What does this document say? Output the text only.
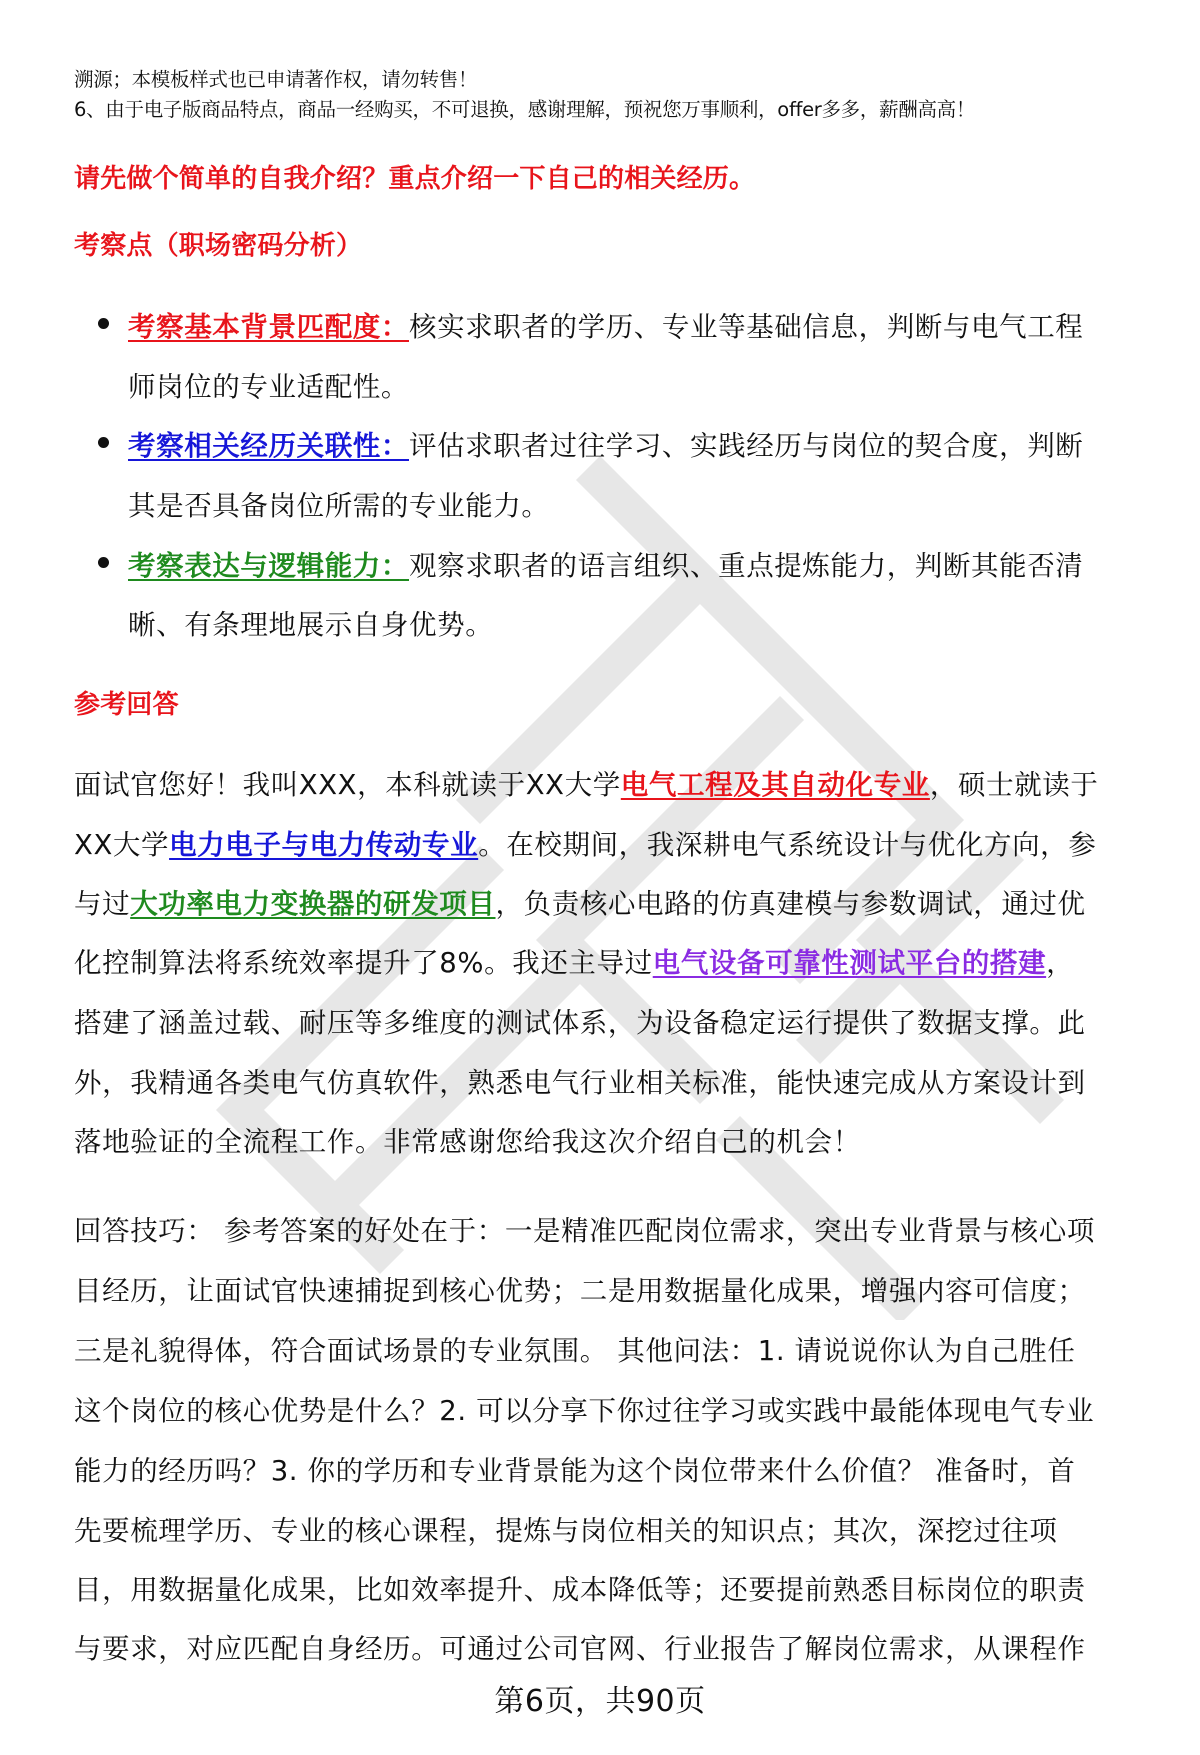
溯源；本模板样式也已申请著作权，请勿转售！
6、由于电子版商品特点，商品一经购买，不可退换，感谢理解，预祝您万事顺利，offer多多，薪酬高高！
请先做个简单的自我介绍？重点介绍一下自己的相关经历。
考察点（职场密码分析）
考察基本背景匹配度：核实求职者的学历、专业等基础信息，判断与电气工程
师岗位的专业适配性。
考察相关经历关联性：评估求职者过往学习、实践经历与岗位的契合度，判断
其是否具备岗位所需的专业能力。
考察表达与逻辑能力：观察求职者的语言组织、重点提炼能力，判断其能否清
晰、有条理地展示自身优势。
参考回答
面试官您好！我叫XXX，本科就读于XX大学电气工程及其自动化专业，硕士就读于
XX大学电力电子与电力传动专业。在校期间，我深耕电气系统设计与优化方向，参
与过大功率电力变换器的研发项目，负责核心电路的仿真建模与参数调试，通过优
化控制算法将系统效率提升了8%。我还主导过电气设备可靠性测试平台的搭建，
搭建了涵盖过载、耐压等多维度的测试体系，为设备稳定运行提供了数据支撑。此
外，我精通各类电气仿真软件，熟悉电气行业相关标准，能快速完成从方案设计到
落地验证的全流程工作。非常感谢您给我这次介绍自己的机会！
回答技巧： 参考答案的好处在于：一是精准匹配岗位需求，突出专业背景与核心项
目经历，让面试官快速捕捉到核心优势；二是用数据量化成果，增强内容可信度；
三是礼貌得体，符合面试场景的专业氛围。 其他问法：1. 请说说你认为自己胜任
这个岗位的核心优势是什么？2. 可以分享下你过往学习或实践中最能体现电气专业
能力的经历吗？3. 你的学历和专业背景能为这个岗位带来什么价值？ 准备时，首
先要梳理学历、专业的核心课程，提炼与岗位相关的知识点；其次，深挖过往项
目，用数据量化成果，比如效率提升、成本降低等；还要提前熟悉目标岗位的职责
与要求，对应匹配自身经历。可通过公司官网、行业报告了解岗位需求，从课程作
第6页，共90页
